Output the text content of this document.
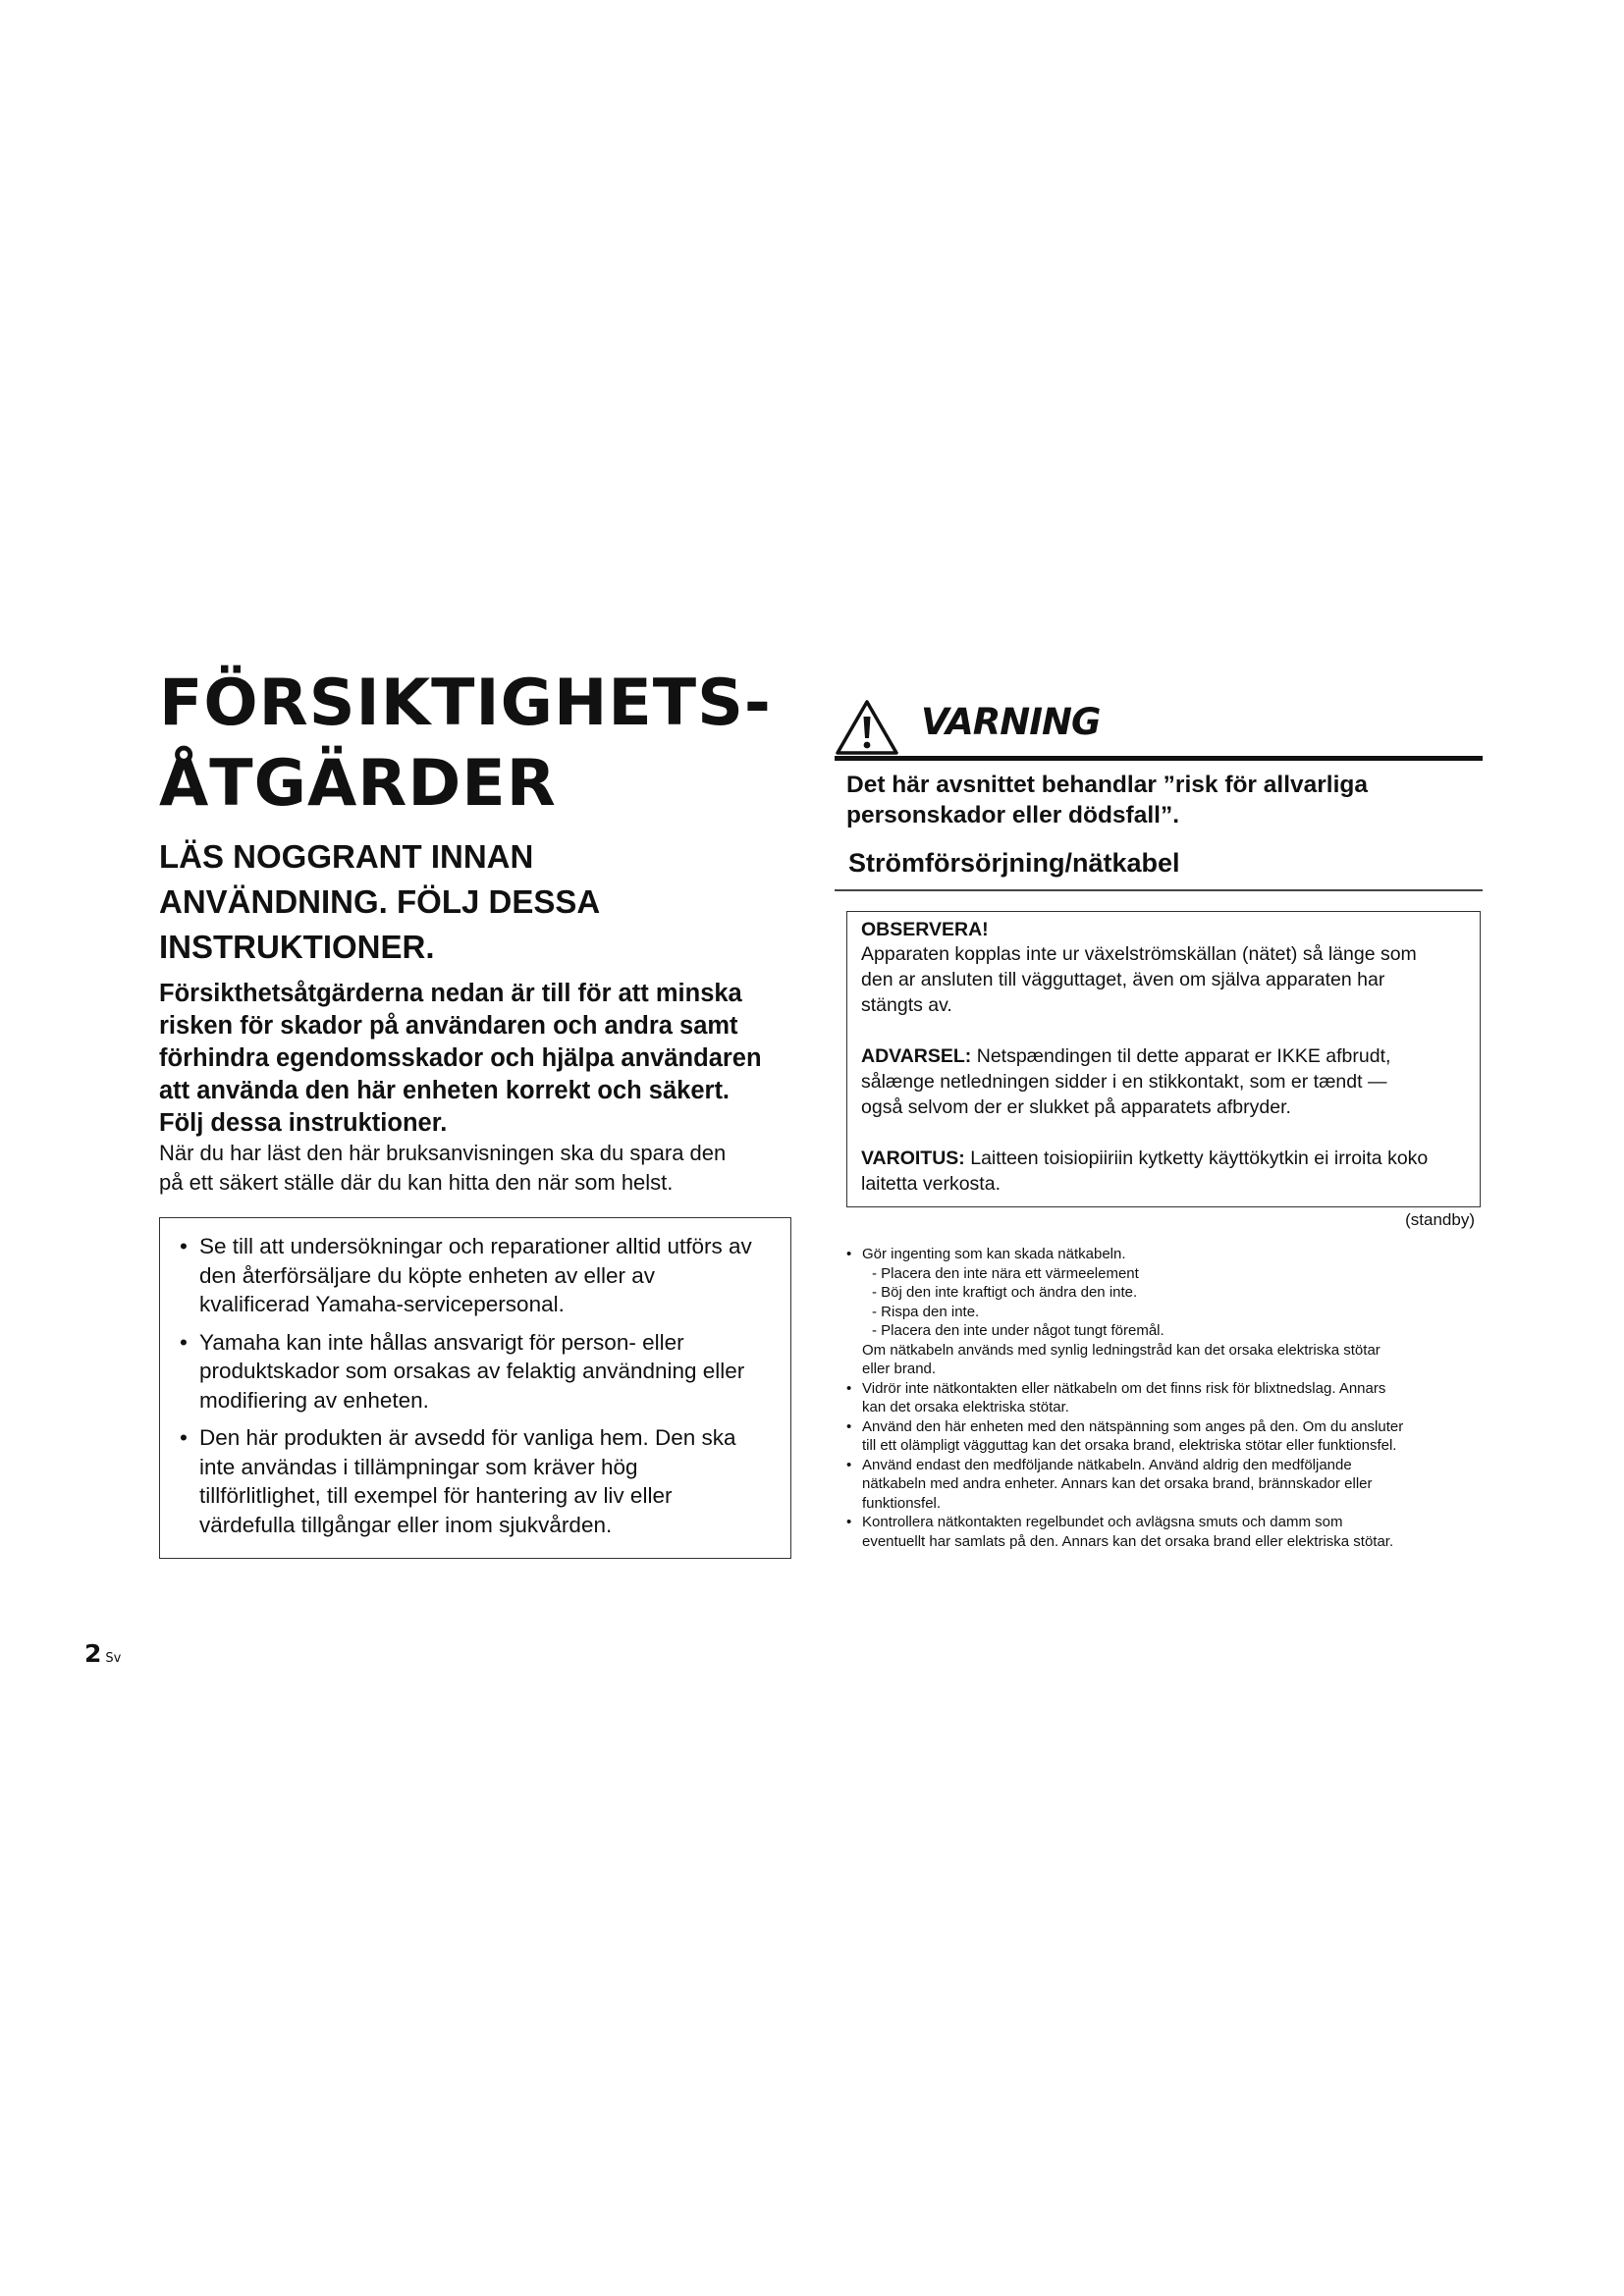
FÖRSIKTIGHETS-
ÅTGÄRDER
LÄS NOGGRANT INNAN
ANVÄNDNING. FÖLJ DESSA
INSTRUKTIONER.

Försikthetsåtgärderna nedan är till för att minska
risken för skador på användaren och andra samt
förhindra egendomsskador och hjälpa användaren
att använda den här enheten korrekt och säkert.
Följ dessa instruktioner.

När du har läst den här bruksanvisningen ska du spara den
på ett säkert ställe där du kan hitta den när som helst.

• Se till att undersökningar och reparationer alltid utförs av den återförsäljare du köpte enheten av eller av kvalificerad Yamaha-servicepersonal.
• Yamaha kan inte hållas ansvarigt för person- eller produktskador som orsakas av felaktig användning eller modifiering av enheten.
• Den här produkten är avsedd för vanliga hem. Den ska inte användas i tillämpningar som kräver hög tillförlitlighet, till exempel för hantering av liv eller värdefulla tillgångar eller inom sjukvården.
2 Sv
VARNING

Det här avsnittet behandlar ”risk för allvarliga
personskador eller dödsfall”.

Strömförsörjning/nätkabel

OBSERVERA!

Apparaten kopplas inte ur växelströmskällan (nätet) så länge som
den ar ansluten till vägguttaget, även om själva apparaten har
stängts av.

ADVARSEL: Netspændingen til dette apparat er IKKE afbrudt,
sålænge netledningen sidder i en stikkontakt, som er tændt —
også selvom der er slukket på apparatets afbryder.

VAROITUS: Laitteen toisiopiiriin kytketty käyttökytkin ei irroita koko
laitetta verkosta.

(standby)
• Gör ingenting som kan skada nätkabeln.
- Placera den inte nära ett värmeelement
- Böj den inte kraftigt och ändra den inte.
- Rispa den inte.
- Placera den inte under något tungt föremål.
Om nätkabeln används med synlig ledningstråd kan det orsaka elektriska stötar
eller brand.
• Vidrör inte nätkontakten eller nätkabeln om det finns risk för blixtnedslag. Annars
kan det orsaka elektriska stötar.
• Använd den här enheten med den nätspänning som anges på den. Om du ansluter
till ett olämpligt vägguttag kan det orsaka brand, elektriska stötar eller funktionsfel.
• Använd endast den medföljande nätkabeln. Använd aldrig den medföljande
nätkabeln med andra enheter. Annars kan det orsaka brand, brännskador eller
funktionsfel.
• Kontrollera nätkontakten regelbundet och avlägsna smuts och damm som
eventuellt har samlats på den. Annars kan det orsaka brand eller elektriska stötar.
